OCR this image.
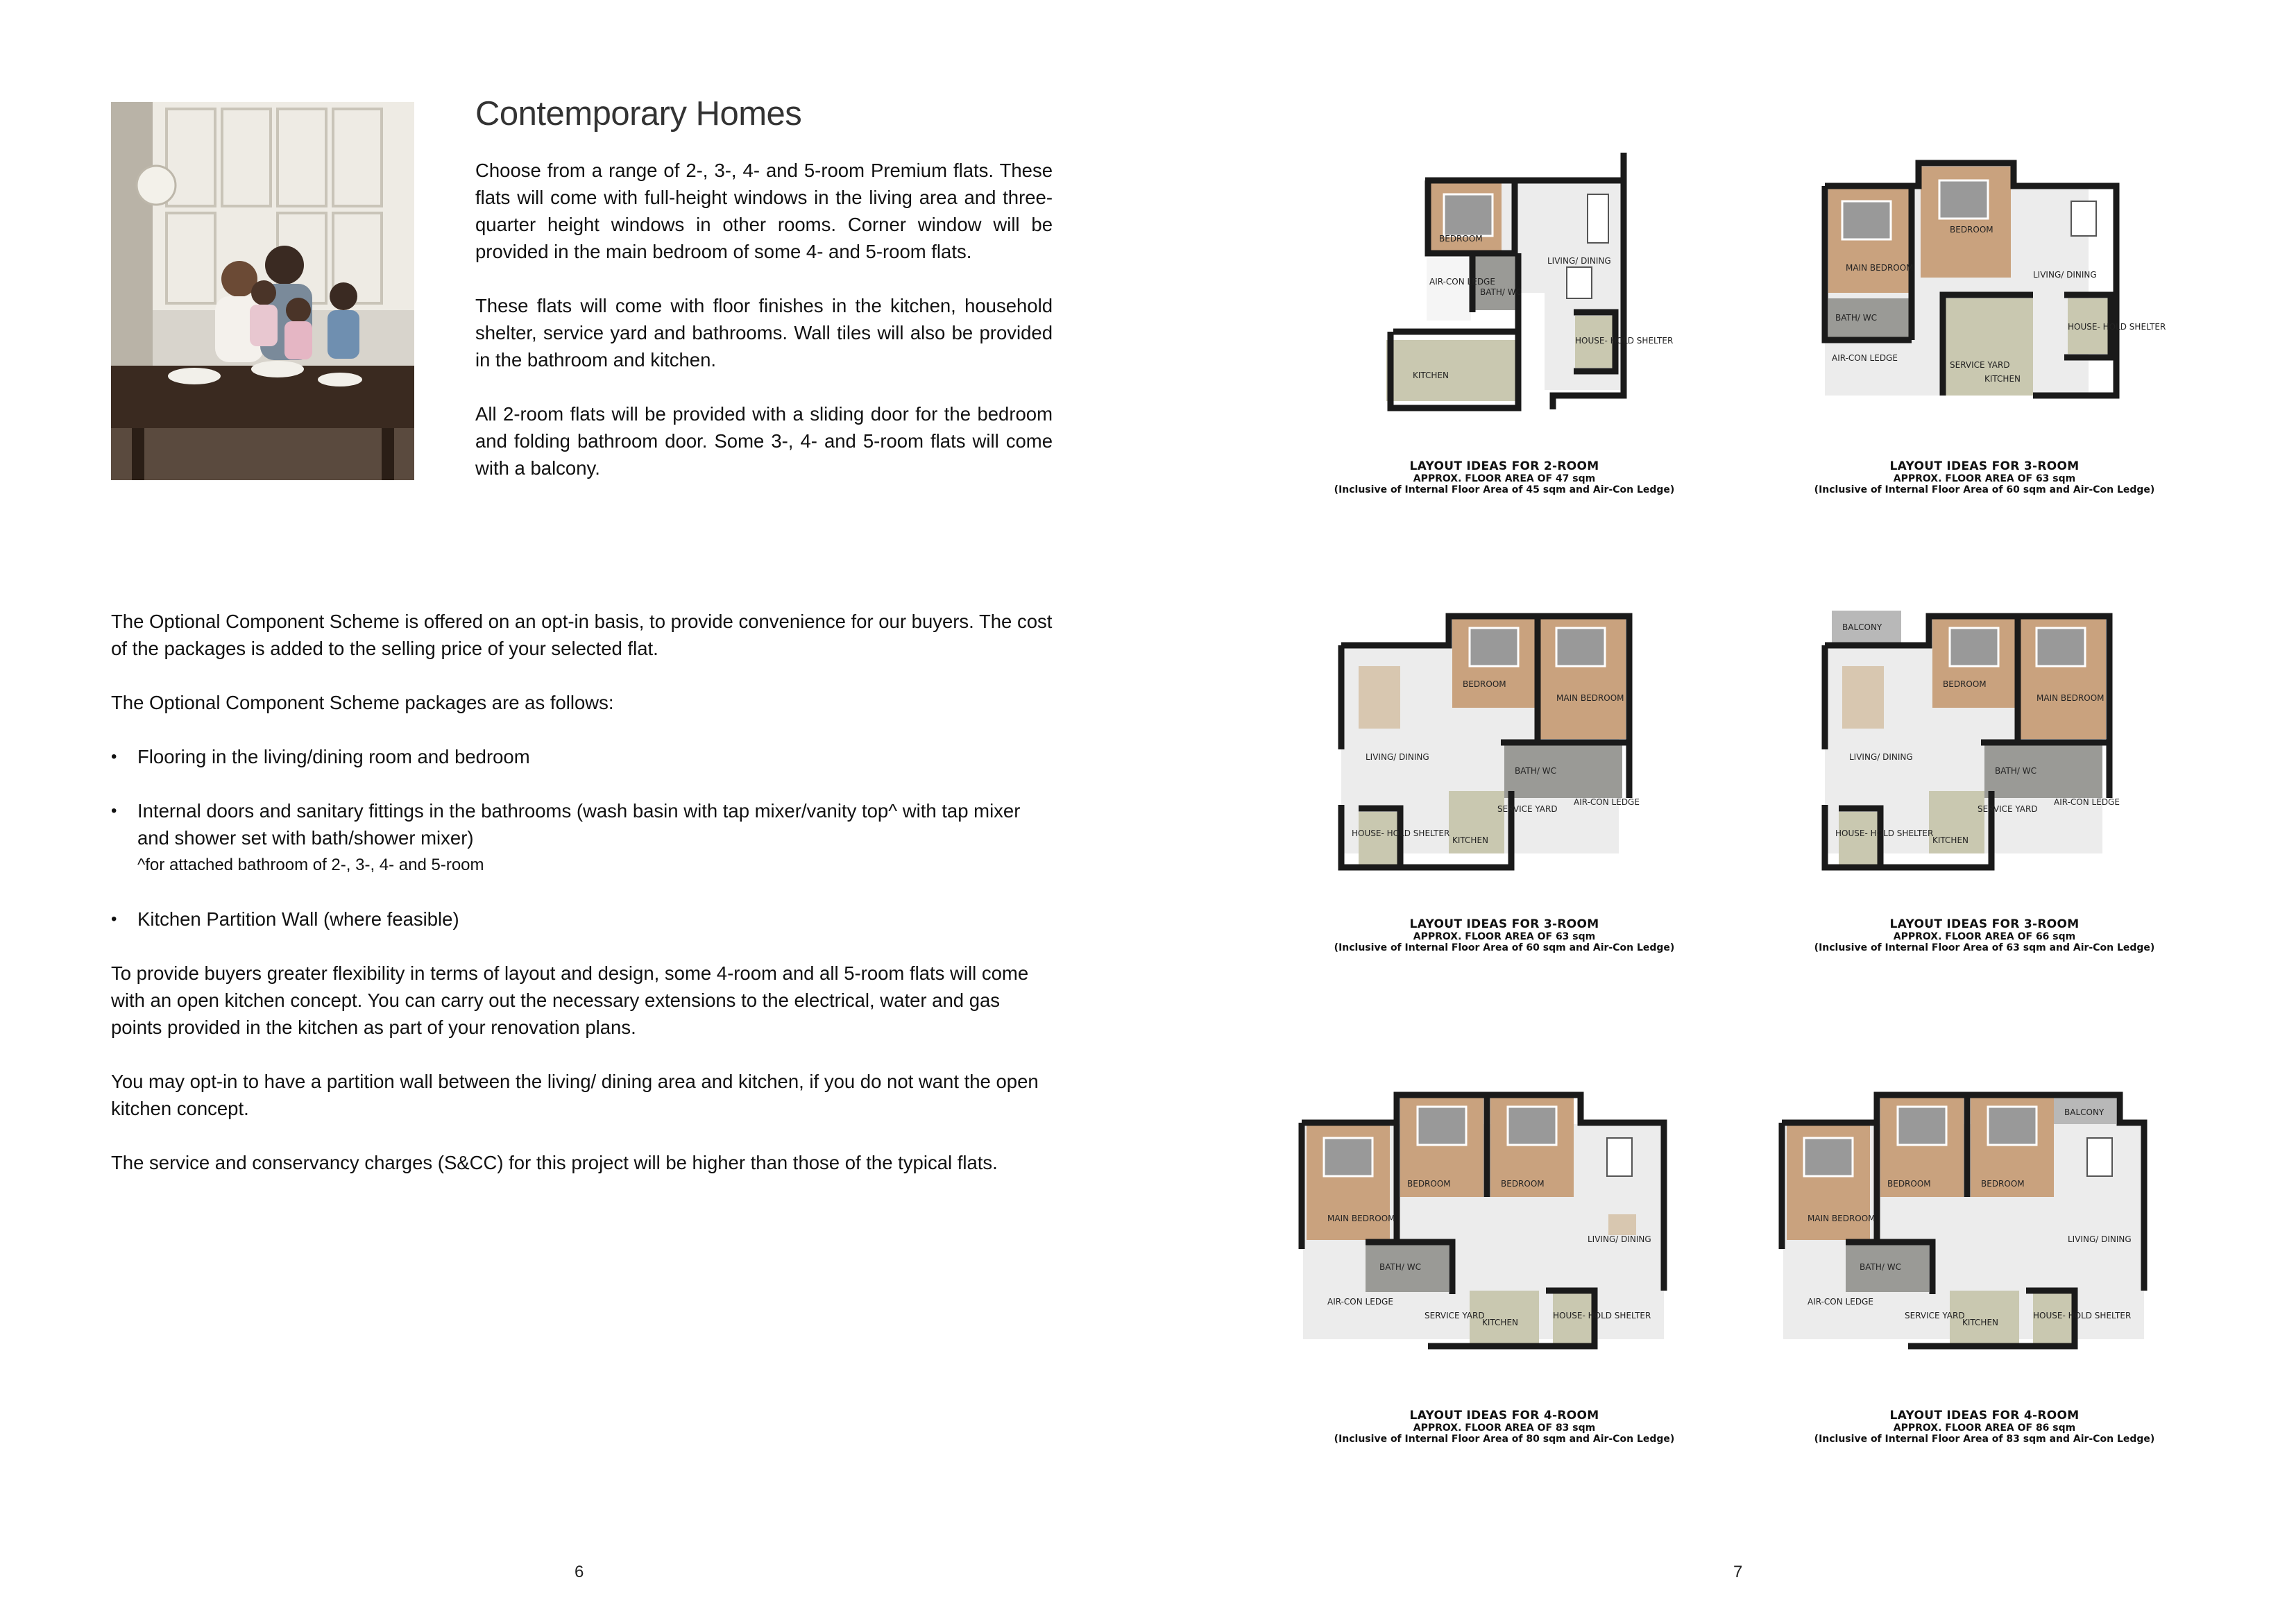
Contemporary Homes

Choose from a range of 2-, 3-, 4- and 5-room Premium flats. These flats will come with full-height windows in the living area and three-quarter height windows in other rooms. Corner window will be provided in the main bedroom of some 4- and 5-room flats.

These flats will come with floor finishes in the kitchen, household shelter, service yard and bathrooms. Wall tiles will also be provided in the bathroom and kitchen.

All 2-room flats will be provided with a sliding door for the bedroom and folding bathroom door. Some 3-, 4- and 5-room flats will come with a balcony.

The Optional Component Scheme is offered on an opt-in basis, to provide convenience for our buyers. The cost of the packages is added to the selling price of your selected flat.

The Optional Component Scheme packages are as follows:

• Flooring in the living/dining room and bedroom
• Internal doors and sanitary fittings in the bathrooms (wash basin with tap mixer/vanity top^ with tap mixer and shower set with bath/shower mixer)
^for attached bathroom of 2-, 3-, 4- and 5-room
• Kitchen Partition Wall (where feasible)

To provide buyers greater flexibility in terms of layout and design, some 4-room and all 5-room flats will come with an open kitchen concept. You can carry out the necessary extensions to the electrical, water and gas points provided in the kitchen as part of your renovation plans.

You may opt-in to have a partition wall between the living/ dining area and kitchen, if you do not want the open kitchen concept.

The service and conservancy charges (S&CC) for this project will be higher than those of the typical flats.

6
BEDROOM
LIVING/ DINING
BATH/ WC
AIR-CON LEDGE
KITCHEN
HOUSE- HOLD SHELTER
LAYOUT IDEAS FOR 2-ROOM
APPROX. FLOOR AREA OF 47 sqm
(Inclusive of Internal Floor Area of 45 sqm and Air-Con Ledge)
MAIN BEDROOM
BEDROOM
LIVING/ DINING
BATH/ WC
AIR-CON LEDGE
SERVICE YARD
KITCHEN
HOUSE- HOLD SHELTER
LAYOUT IDEAS FOR 3-ROOM
APPROX. FLOOR AREA OF 63 sqm
(Inclusive of Internal Floor Area of 60 sqm and Air-Con Ledge)
BEDROOM
MAIN BEDROOM
LIVING/ DINING
BATH/ WC
AIR-CON LEDGE
SERVICE YARD
KITCHEN
HOUSE- HOLD SHELTER
LAYOUT IDEAS FOR 3-ROOM
APPROX. FLOOR AREA OF 63 sqm
(Inclusive of Internal Floor Area of 60 sqm and Air-Con Ledge)
BALCONY
BEDROOM
MAIN BEDROOM
LIVING/ DINING
BATH/ WC
AIR-CON LEDGE
SERVICE YARD
KITCHEN
HOUSE- HOLD SHELTER
LAYOUT IDEAS FOR 3-ROOM
APPROX. FLOOR AREA OF 66 sqm
(Inclusive of Internal Floor Area of 63 sqm and Air-Con Ledge)
BEDROOM	BEDROOM
MAIN BEDROOM
LIVING/ DINING
BATH/ WC
AIR-CON LEDGE
SERVICE YARD
KITCHEN
HOUSE- HOLD SHELTER
LAYOUT IDEAS FOR 4-ROOM
APPROX. FLOOR AREA OF 83 sqm
(Inclusive of Internal Floor Area of 80 sqm and Air-Con Ledge)
BALCONY
BEDROOM	BEDROOM
MAIN BEDROOM
LIVING/ DINING
BATH/ WC
AIR-CON LEDGE
SERVICE YARD
KITCHEN
HOUSE- HOLD SHELTER
LAYOUT IDEAS FOR 4-ROOM
APPROX. FLOOR AREA OF 86 sqm
(Inclusive of Internal Floor Area of 83 sqm and Air-Con Ledge)
7
